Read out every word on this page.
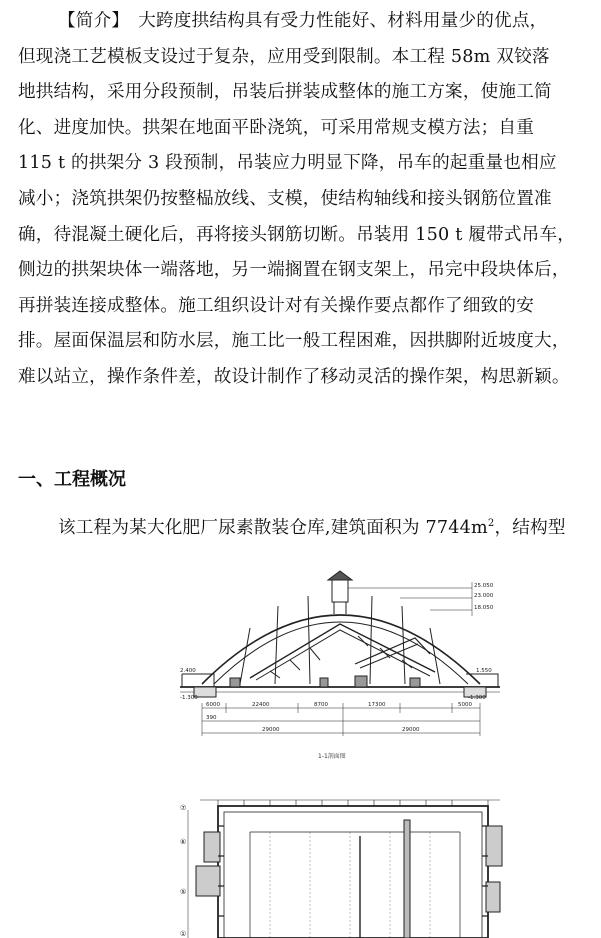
【简介】　大跨度拱结构具有受力性能好、材料用量少的优点，
但现浇工艺模板支设过于复杂，应用受到限制。本工程 58m 双铰落
地拱结构，采用分段预制，吊装后拼装成整体的施工方案，使施工简
化、进度加快。拱架在地面平卧浇筑，可采用常规支模方法；自重
115 t 的拱架分 3 段预制，吊装应力明显下降，吊车的起重量也相应
减小；浇筑拱架仍按整榀放线、支模，使结构轴线和接头钢筋位置准
确，待混凝土硬化后，再将接头钢筋切断。吊装用 150 t 履带式吊车，
侧边的拱架块体一端落地，另一端搁置在钢支架上，吊完中段块体后，
再拼装连接成整体。施工组织设计对有关操作要点都作了细致的安
排。屋面保温层和防水层，施工比一般工程困难，因拱脚附近坡度大，
难以站立，操作条件差，故设计制作了移动灵活的操作架，构思新颖。
一、工程概况
该工程为某大化肥厂尿素散装仓库,建筑面积为 $7744m^2$，结构型
25.050
23.000
18.050
2.400	1.550
-1.300	-1.300
6000	22400	8700	17300	5000
390
29000	29000
1-1剖面图
⑦
⑥
⑤
①
